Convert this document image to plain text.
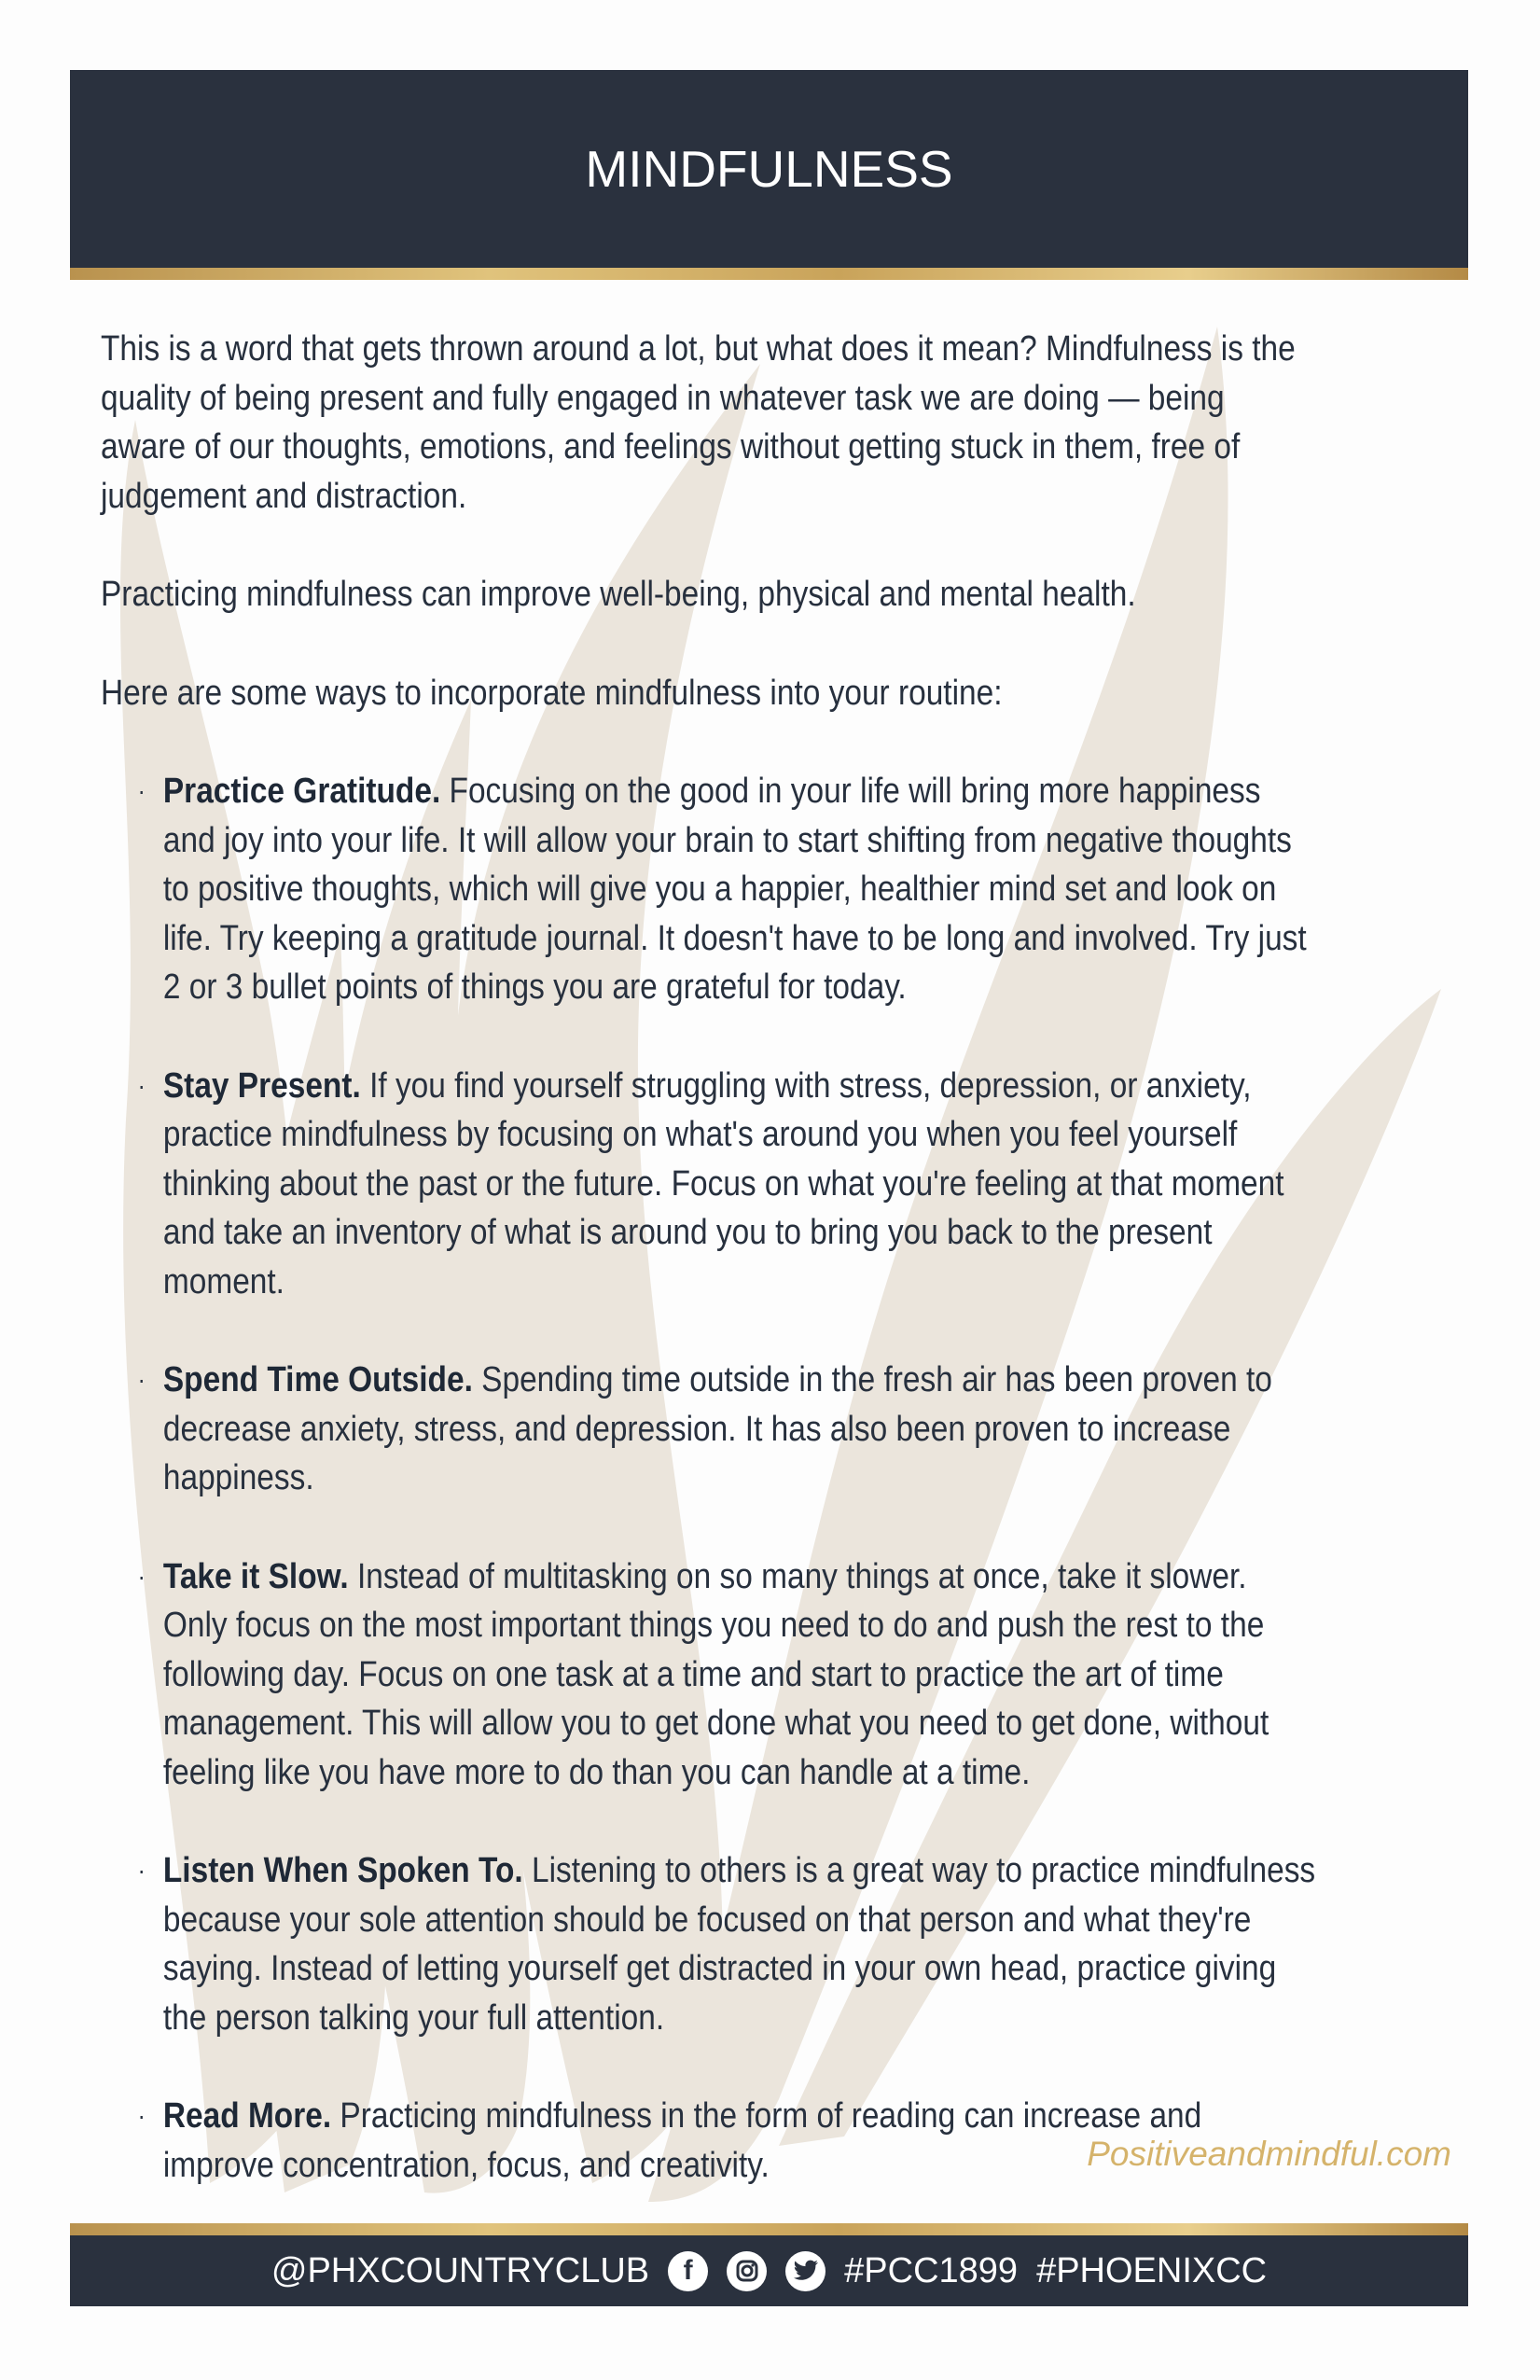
MINDFULNESS

This is a word that gets thrown around a lot, but what does it mean? Mindfulness is the quality of being present and fully engaged in whatever task we are doing — being aware of our thoughts, emotions, and feelings without getting stuck in them, free of judgement and distraction.

Practicing mindfulness can improve well-being, physical and mental health.

Here are some ways to incorporate mindfulness into your routine:

· Practice Gratitude. Focusing on the good in your life will bring more happiness and joy into your life. It will allow your brain to start shifting from negative thoughts to positive thoughts, which will give you a happier, healthier mind set and look on life. Try keeping a gratitude journal. It doesn't have to be long and involved. Try just 2 or 3 bullet points of things you are grateful for today.
· Stay Present. If you find yourself struggling with stress, depression, or anxiety, practice mindfulness by focusing on what's around you when you feel yourself thinking about the past or the future. Focus on what you're feeling at that moment and take an inventory of what is around you to bring you back to the present moment.
· Spend Time Outside. Spending time outside in the fresh air has been proven to decrease anxiety, stress, and depression. It has also been proven to increase happiness.
· Take it Slow. Instead of multitasking on so many things at once, take it slower. Only focus on the most important things you need to do and push the rest to the following day. Focus on one task at a time and start to practice the art of time management. This will allow you to get done what you need to get done, without feeling like you have more to do than you can handle at a time.
· Listen When Spoken To. Listening to others is a great way to practice mindfulness because your sole attention should be focused on that person and what they're saying. Instead of letting yourself get distracted in your own head, practice giving the person talking your full attention.
· Read More. Practicing mindfulness in the form of reading can increase and improve concentration, focus, and creativity.	Positiveandmindful.com
@PHXCOUNTRYCLUB f	#PCC1899 #PHOENIXCC
